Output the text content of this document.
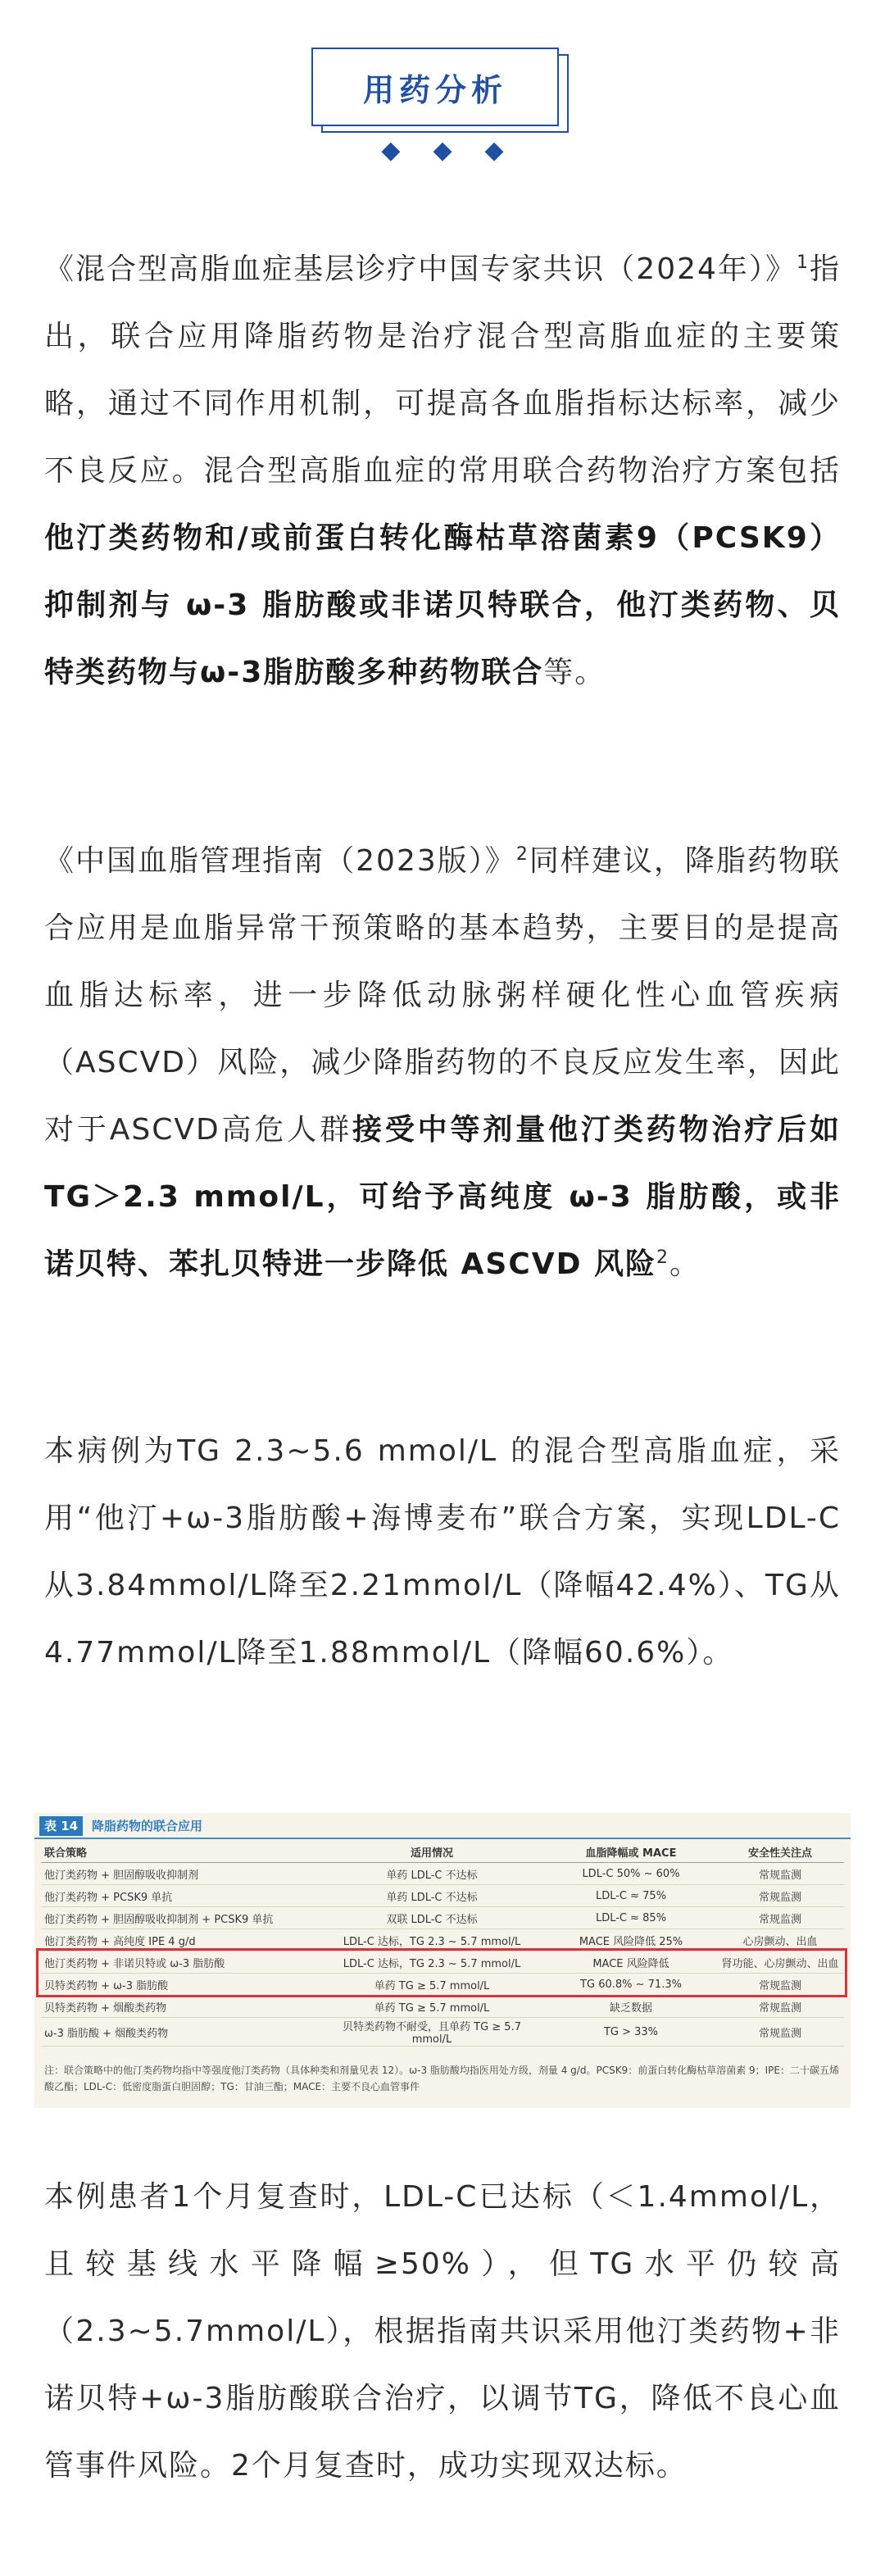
用药分析
◆ ◆ ◆

《混合型高脂血症基层诊疗中国专家共识（2024年）》$^1$指出，联合应用降脂药物是治疗混合型高脂血症的主要策略，通过不同作用机制，可提高各血脂指标达标率，减少不良反应。混合型高脂血症的常用联合药物治疗方案包括他汀类药物和/或前蛋白转化酶枯草溶菌素9（PCSK9）抑制剂与 ω-3 脂肪酸或非诺贝特联合，他汀类药物、贝特类药物与ω-3脂肪酸多种药物联合等。

《中国血脂管理指南（2023版）》$^2$同样建议，降脂药物联合应用是血脂异常干预策略的基本趋势，主要目的是提高血脂达标率，进一步降低动脉粥样硬化性心血管疾病（ASCVD）风险，减少降脂药物的不良反应发生率，因此对于ASCVD高危人群接受中等剂量他汀类药物治疗后如TG＞2.3 mmol/L，可给予高纯度 ω-3 脂肪酸，或非诺贝特、苯扎贝特进一步降低 ASCVD 风险$^2$。

本病例为TG 2.3~5.6 mmol/L 的混合型高脂血症，采用“他汀+ω-3脂肪酸+海博麦布”联合方案，实现LDL-C从3.84mmol/L降至2.21mmol/L（降幅42.4%）、TG从4.77mmol/L降至1.88mmol/L（降幅60.6%）。

表 14	降脂药物的联合应用
联合策略	适用情况	血脂降幅或 MACE	安全性关注点
他汀类药物 + 胆固醇吸收抑制剂	单药 LDL-C 不达标	LDL-C 50% ~ 60%	常规监测
他汀类药物 + PCSK9 单抗	单药 LDL-C 不达标	LDL-C ≈ 75%	常规监测
他汀类药物 + 胆固醇吸收抑制剂 + PCSK9 单抗	双联 LDL-C 不达标	LDL-C ≈ 85%	常规监测
他汀类药物 + 高纯度 IPE 4 g/d	LDL-C 达标，TG 2.3 ~ 5.7 mmol/L	MACE 风险降低 25%	心房颤动、出血
他汀类药物 + 非诺贝特或 ω-3 脂肪酸	LDL-C 达标，TG 2.3 ~ 5.7 mmol/L	MACE 风险降低	肾功能、心房颤动、出血
贝特类药物 + ω-3 脂肪酸	单药 TG ≥ 5.7 mmol/L	TG 60.8% ~ 71.3%	常规监测
贝特类药物 + 烟酸类药物	单药 TG ≥ 5.7 mmol/L	缺乏数据	常规监测
ω-3 脂肪酸 + 烟酸类药物	贝特类药物不耐受，且单药 TG ≥ 5.7 mmol/L	TG > 33%	常规监测
注：联合策略中的他汀类药物均指中等强度他汀类药物（具体种类和剂量见表 12）。ω-3 脂肪酸均指医用处方级，剂量 4 g/d。PCSK9：前蛋白转化酶枯草溶菌素 9；IPE：二十碳五烯酸乙酯；LDL-C：低密度脂蛋白胆固醇；TG：甘油三酯；MACE：主要不良心血管事件

本例患者1个月复查时，LDL-C已达标（＜1.4mmol/L，且较基线水平降幅≥50%），但TG水平仍较高（2.3~5.7mmol/L），根据指南共识采用他汀类药物+非诺贝特+ω-3脂肪酸联合治疗，以调节TG，降低不良心血管事件风险。2个月复查时，成功实现双达标。
